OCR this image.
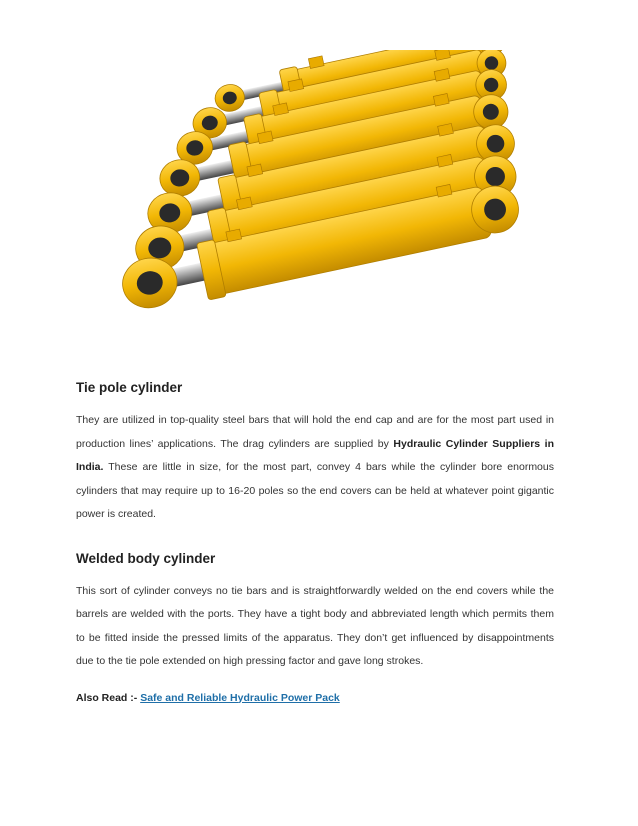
Tie pole cylinder

They are utilized in top-quality steel bars that will hold the end cap and are for the most part used in production lines’ applications. The drag cylinders are supplied by Hydraulic Cylinder Suppliers in India. These are little in size, for the most part, convey 4 bars while the cylinder bore enormous cylinders that may require up to 16-20 poles so the end covers can be held at whatever point gigantic power is created.

Welded body cylinder

This sort of cylinder conveys no tie bars and is straightforwardly welded on the end covers while the barrels are welded with the ports. They have a tight body and abbreviated length which permits them to be fitted inside the pressed limits of the apparatus. They don’t get influenced by disappointments due to the tie pole extended on high pressing factor and gave long strokes.

Also Read :- Safe and Reliable Hydraulic Power Pack
